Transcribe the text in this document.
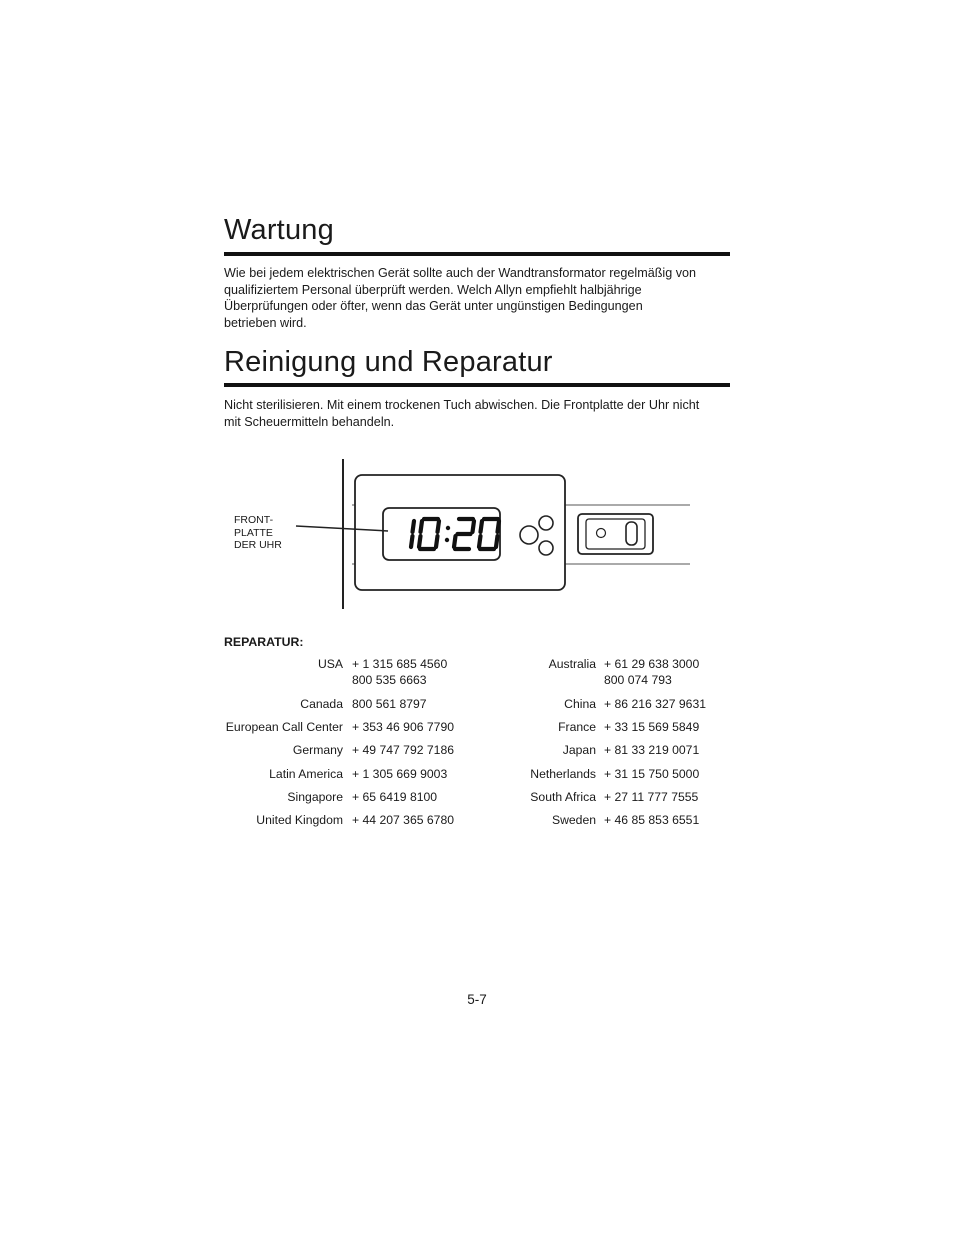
Wartung
Wie bei jedem elektrischen Gerät sollte auch der Wandtransformator regelmäßig von
qualifiziertem Personal überprüft werden. Welch Allyn empfiehlt halbjährige
Überprüfungen oder öfter, wenn das Gerät unter ungünstigen Bedingungen
betrieben wird.
Reinigung und Reparatur
Nicht sterilisieren. Mit einem trockenen Tuch abwischen. Die Frontplatte der Uhr nicht
mit Scheuermitteln behandeln.
FRONT-
PLATTE
DER UHR
REPARATUR:
USA + 1 315 685 4560
800 535 6663
Canada 800 561 8797
European Call Center + 353 46 906 7790
Germany + 49 747 792 7186
Latin America + 1 305 669 9003
Singapore + 65 6419 8100
United Kingdom + 44 207 365 6780
Australia + 61 29 638 3000
800 074 793
China + 86 216 327 9631
France + 33 15 569 5849
Japan + 81 33 219 0071
Netherlands + 31 15 750 5000
South Africa + 27 11 777 7555
Sweden + 46 85 853 6551
5-7
